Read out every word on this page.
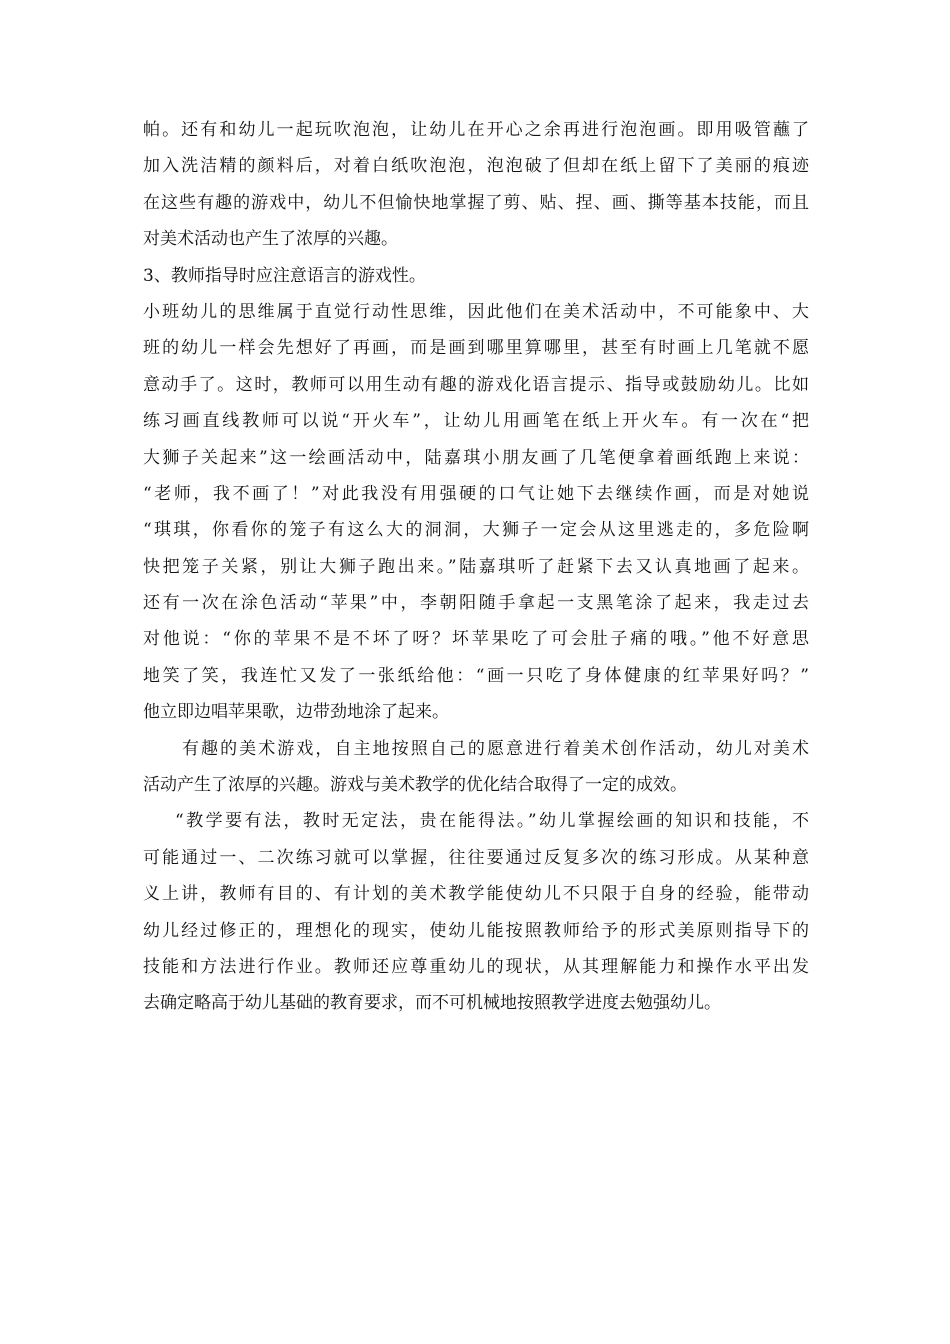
帕。还有和幼儿一起玩吹泡泡，让幼儿在开心之余再进行泡泡画。即用吸管蘸了
加入洗洁精的颜料后，对着白纸吹泡泡，泡泡破了但却在纸上留下了美丽的痕迹
在这些有趣的游戏中，幼儿不但愉快地掌握了剪、贴、捏、画、撕等基本技能，而且
对美术活动也产生了浓厚的兴趣。
3、教师指导时应注意语言的游戏性。
小班幼儿的思维属于直觉行动性思维，因此他们在美术活动中，不可能象中、大
班的幼儿一样会先想好了再画，而是画到哪里算哪里，甚至有时画上几笔就不愿
意动手了。这时，教师可以用生动有趣的游戏化语言提示、指导或鼓励幼儿。比如
练习画直线教师可以说“开火车”，让幼儿用画笔在纸上开火车。有一次在“把
大狮子关起来”这一绘画活动中，陆嘉琪小朋友画了几笔便拿着画纸跑上来说：
“老师，我不画了！”对此我没有用强硬的口气让她下去继续作画，而是对她说
“琪琪，你看你的笼子有这么大的洞洞，大狮子一定会从这里逃走的，多危险啊
快把笼子关紧，别让大狮子跑出来。”陆嘉琪听了赶紧下去又认真地画了起来。
还有一次在涂色活动“苹果”中，李朝阳随手拿起一支黑笔涂了起来，我走过去
对他说：“你的苹果不是不坏了呀？坏苹果吃了可会肚子痛的哦。”他不好意思
地笑了笑，我连忙又发了一张纸给他：“画一只吃了身体健康的红苹果好吗？”
他立即边唱苹果歌，边带劲地涂了起来。
有趣的美术游戏，自主地按照自己的愿意进行着美术创作活动，幼儿对美术
活动产生了浓厚的兴趣。游戏与美术教学的优化结合取得了一定的成效。
“教学要有法，教时无定法，贵在能得法。”幼儿掌握绘画的知识和技能，不
可能通过一、二次练习就可以掌握，往往要通过反复多次的练习形成。从某种意
义上讲，教师有目的、有计划的美术教学能使幼儿不只限于自身的经验，能带动
幼儿经过修正的，理想化的现实，使幼儿能按照教师给予的形式美原则指导下的
技能和方法进行作业。教师还应尊重幼儿的现状，从其理解能力和操作水平出发
去确定略高于幼儿基础的教育要求，而不可机械地按照教学进度去勉强幼儿。
